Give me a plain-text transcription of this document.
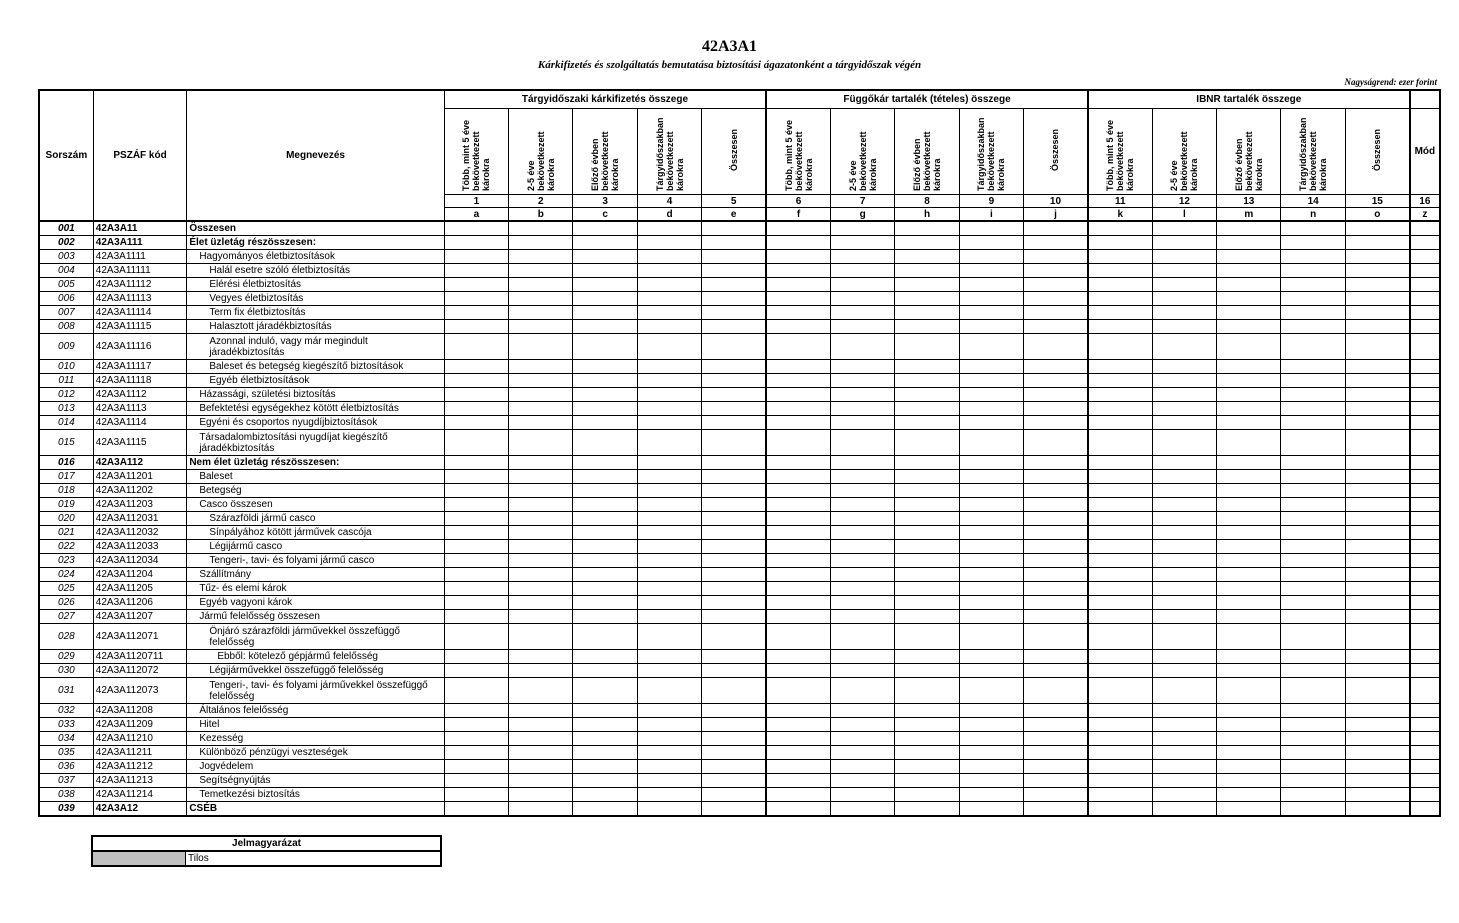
42A3A1
Kárkifizetés és szolgáltatás bemutatása biztosítási ágazatonként a tárgyidőszak végén
Nagyságrend: ezer forint
Sorszám	PSZÁF kód	Megnevezés	Tárgyidőszaki kárkifizetés összege					Függőkár tartalék (tételes) összege					IBNR tartalék összege					
			Több, mint 5 éve bekövetkezett károkra	2-5 éve bekövetkezett károkra	Előző évben bekövetkezett károkra	Tárgyidőszakban bekövetkezett károkra	Összesen	Több, mint 5 éve bekövetkezett károkra	2-5 éve bekövetkezett károkra	Előző évben bekövetkezett károkra	Tárgyidőszakban bekövetkezett károkra	Összesen	Több, mint 5 éve bekövetkezett károkra	2-5 éve bekövetkezett károkra	Előző évben bekövetkezett károkra	Tárgyidőszakban bekövetkezett károkra	Összesen	Mód
			1	2	3	4	5	6	7	8	9	10	11	12	13	14	15	16
			a	b	c	d	e	f	g	h	i	j	k	l	m	n	o	z
001	42A3A11	Összesen																
002	42A3A111	Élet üzletág részösszesen:																
003	42A3A1111	Hagyományos életbiztosítások																

004	42A3A11111	Halál esetre szóló életbiztosítás																

005	42A3A11112	Elérési életbiztosítás																

006	42A3A11113	Vegyes életbiztosítás																

007	42A3A11114	Term fix életbiztosítás																

008	42A3A11115	Halasztott járadékbiztosítás																

009	42A3A11116	Azonnal induló, vagy már megindult járadékbiztosítás																

010	42A3A11117	Baleset és betegség kiegészítő biztosítások																

011	42A3A11118	Egyéb életbiztosítások																

012	42A3A1112	Házassági, születési biztosítás																

013	42A3A1113	Befektetési egységekhez kötött életbiztosítás																

014	42A3A1114	Egyéni és csoportos nyugdíjbiztosítások																

015	42A3A1115	Társadalombiztosítási nyugdíjat kiegészítő járadékbiztosítás																

016	42A3A112	Nem élet üzletág részösszesen:																
017	42A3A11201	Baleset																

018	42A3A11202	Betegség																

019	42A3A11203	Casco összesen																

020	42A3A112031	Szárazföldi jármű casco																

021	42A3A112032	Sínpályához kötött járművek cascója																

022	42A3A112033	Légijármű casco																

023	42A3A112034	Tengeri-, tavi- és folyami jármű casco																

024	42A3A11204	Szállítmány																

025	42A3A11205	Tűz- és elemi károk																

026	42A3A11206	Egyéb vagyoni károk																

027	42A3A11207	Jármű felelősség összesen																

028	42A3A112071	Önjáró szárazföldi járművekkel összefüggő felelősség																

029	42A3A1120711	Ebből: kötelező gépjármű felelősség																

030	42A3A112072	Légijárművekkel összefüggő felelősség																

031	42A3A112073	Tengeri-, tavi- és folyami járművekkel összefüggő felelősség																

032	42A3A11208	Általános felelősség																

033	42A3A11209	Hitel																

034	42A3A11210	Kezesség																

035	42A3A11211	Különböző pénzügyi veszteségek																

036	42A3A11212	Jogvédelem																

037	42A3A11213	Segítségnyújtás																

038	42A3A11214	Temetkezési biztosítás																

039	42A3A12	CSÉB																
Jelmagyarázat
	Tilos
